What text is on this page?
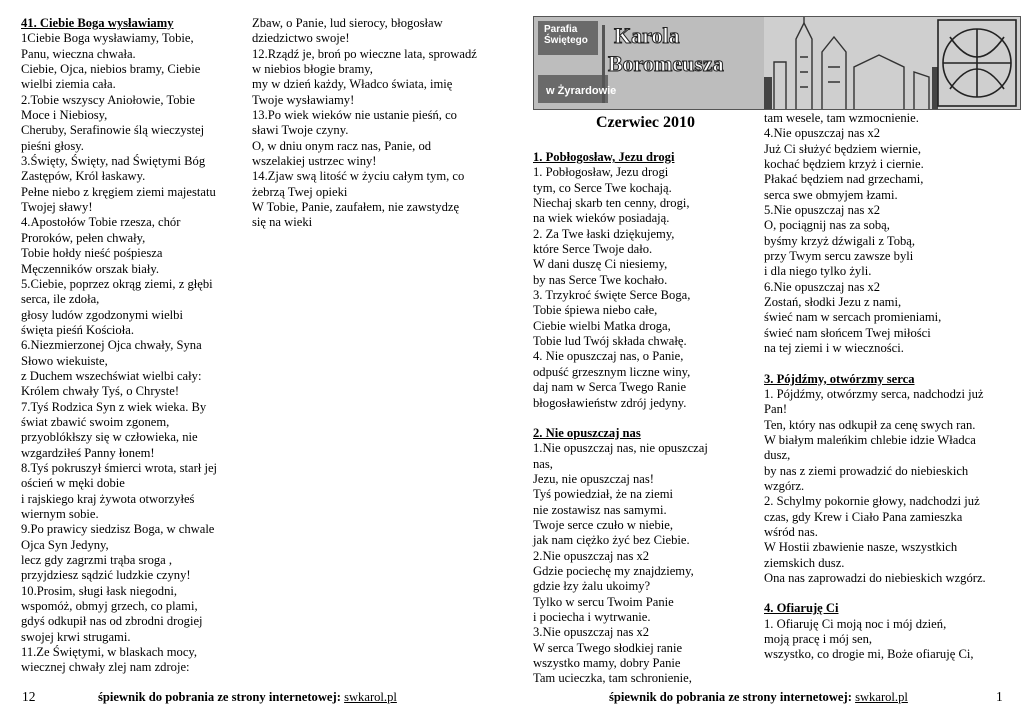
41. Ciebie Boga wysławiamy
1Ciebie Boga wysławiamy, Tobie,
Panu, wieczna chwała.
Ciebie, Ojca, niebios bramy, Ciebie
wielbi ziemia cała.
2.Tobie wszyscy Aniołowie, Tobie
Moce i Niebiosy,
Cheruby, Serafinowie ślą wieczystej
pieśni głosy.
3.Święty, Święty, nad Świętymi Bóg
Zastępów, Król łaskawy.
Pełne niebo z kręgiem ziemi majestatu
Twojej sławy!
4.Apostołów Tobie rzesza, chór
Proroków, pełen chwały,
Tobie hołdy nieść pośpiesza
Męczenników orszak biały.
5.Ciebie, poprzez okrąg ziemi, z głębi
serca, ile zdoła,
głosy ludów zgodzonymi wielbi
święta pieśń Kościoła.
6.Niezmierzonej Ojca chwały, Syna
Słowo wiekuiste,
z Duchem wszechświat wielbi cały:
Królem chwały Tyś, o Chryste!
7.Tyś Rodzica Syn z wiek wieka. By
świat zbawić swoim zgonem,
przyoblókłszy się w człowieka, nie
wzgardziłeś Panny łonem!
8.Tyś pokruszył śmierci wrota, starł jej
oścień w męki dobie
i rajskiego kraj żywota otworzyłeś
wiernym sobie.
9.Po prawicy siedzisz Boga, w chwale
Ojca Syn Jedyny,
lecz gdy zagrzmi trąba sroga ,
przyjdziesz sądzić ludzkie czyny!
10.Prosim, sługi łask niegodni,
wspomóż, obmyj grzech, co plami,
gdyś odkupił nas od zbrodni drogiej
swojej krwi strugami.
11.Ze Świętymi, w blaskach mocy,
wiecznej chwały zlej nam zdroje:
Zbaw, o Panie, lud sierocy, błogosław
dziedzictwo swoje!
12.Rządź je, broń po wieczne lata, sprowadź
w niebios błogie bramy,
my w dzień każdy, Władco świata, imię
Twoje wysławiamy!
13.Po wiek wieków nie ustanie pieśń, co
sławi Twoje czyny.
O, w dniu onym racz nas, Panie, od
wszelakiej ustrzec winy!
14.Zjaw swą litość w życiu całym tym, co
żebrzą Twej opieki
W Tobie, Panie, zaufałem, nie zawstydzę
się na wieki
Parafia
Świętego Karola
Boromeusza
w Żyrardowie
Czerwiec 2010
1. Pobłogosław, Jezu drogi
1. Pobłogosław, Jezu drogi
tym, co Serce Twe kochają.
Niechaj skarb ten cenny, drogi,
na wiek wieków posiadają.
2. Za Twe łaski dziękujemy,
które Serce Twoje dało.
W dani duszę Ci niesiemy,
by nas Serce Twe kochało.
3. Trzykroć święte Serce Boga,
Tobie śpiewa niebo całe,
Ciebie wielbi Matka droga,
Tobie lud Twój składa chwałę.
4. Nie opuszczaj nas, o Panie,
odpuść grzesznym liczne winy,
daj nam w Serca Twego Ranie
błogosławieństw zdrój jedyny.
2. Nie opuszczaj nas
1.Nie opuszczaj nas, nie opuszczaj
nas,
Jezu, nie opuszczaj nas!
Tyś powiedział, że na ziemi
nie zostawisz nas samymi.
Twoje serce czuło w niebie,
jak nam ciężko żyć bez Ciebie.
2.Nie opuszczaj nas x2
Gdzie pociechę my znajdziemy,
gdzie łzy żalu ukoimy?
Tylko w sercu Twoim Panie
i pociecha i wytrwanie.
3.Nie opuszczaj nas x2
W serca Twego słodkiej ranie
wszystko mamy, dobry Panie
Tam ucieczka, tam schronienie,
tam wesele, tam wzmocnienie.
4.Nie opuszczaj nas x2
Już Ci służyć będziem wiernie,
kochać będziem krzyż i ciernie.
Płakać będziem nad grzechami,
serca swe obmyjem łzami.
5.Nie opuszczaj nas x2
O, pociągnij nas za sobą,
byśmy krzyż dźwigali z Tobą,
przy Twym sercu zawsze byli
i dla niego tylko żyli.
6.Nie opuszczaj nas x2
Zostań, słodki Jezu z nami,
świeć nam w sercach promieniami,
świeć nam słońcem Twej miłości
na tej ziemi i w wieczności.
3. Pójdźmy, otwórzmy serca
1. Pójdźmy, otwórzmy serca, nadchodzi już
Pan!
Ten, który nas odkupił za cenę swych ran.
W białym maleńkim chlebie idzie Władca
dusz,
by nas z ziemi prowadzić do niebieskich
wzgórz.
2. Schylmy pokornie głowy, nadchodzi już
czas, gdy Krew i Ciało Pana zamieszka
wśród nas.
W Hostii zbawienie nasze, wszystkich
ziemskich dusz.
Ona nas zaprowadzi do niebieskich wzgórz.
4. Ofiaruję Ci
1. Ofiaruję Ci moją noc i mój dzień,
moją pracę i mój sen,
wszystko, co drogie mi, Boże ofiaruję Ci,
12	śpiewnik do pobrania ze strony internetowej: swkarol.pl	śpiewnik do pobrania ze strony internetowej: swkarol.pl	1
